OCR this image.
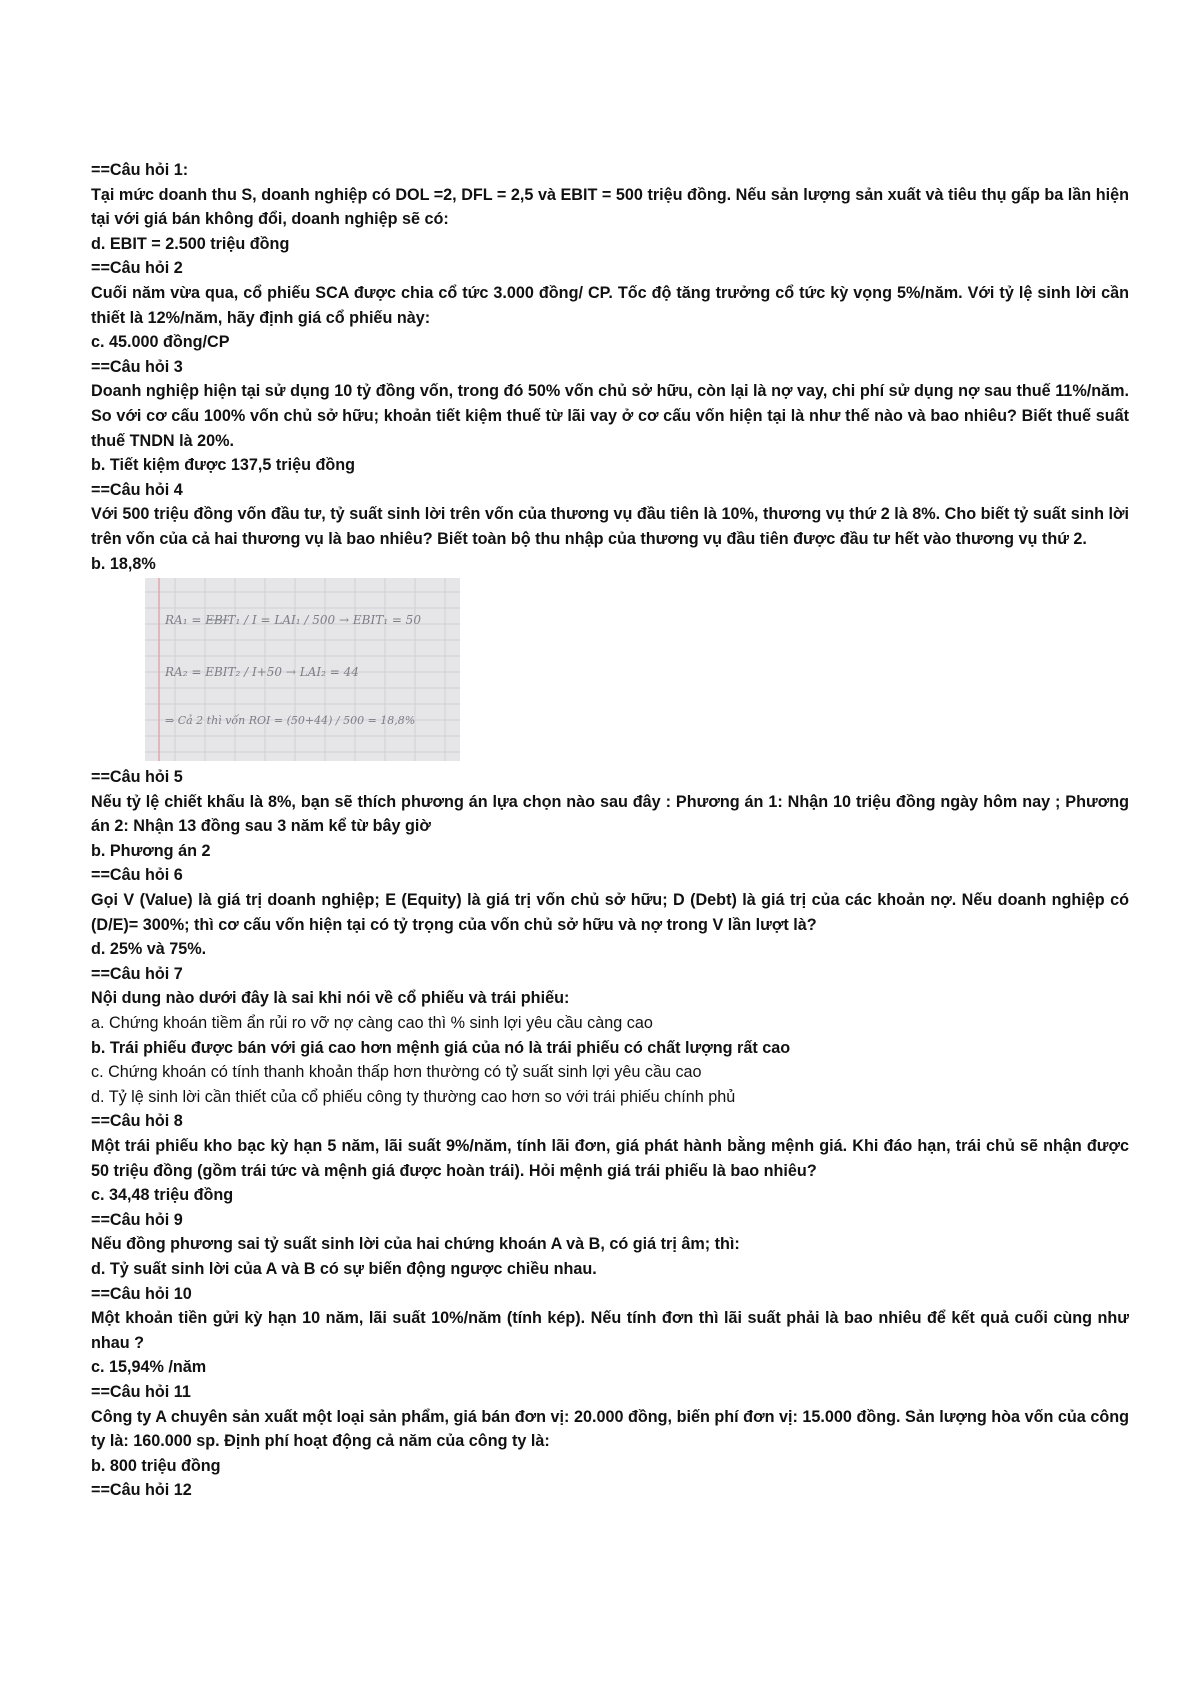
==Câu hỏi 1:

Tại mức doanh thu S, doanh nghiệp có DOL =2, DFL = 2,5 và EBIT = 500 triệu đồng. Nếu sản lượng sản xuất và tiêu thụ gấp ba lần hiện tại với giá bán không đổi, doanh nghiệp sẽ có:

d. EBIT = 2.500 triệu đồng

==Câu hỏi 2

Cuối năm vừa qua, cổ phiếu SCA được chia cổ tức 3.000 đồng/ CP. Tốc độ tăng trưởng cổ tức kỳ vọng 5%/năm. Với tỷ lệ sinh lời cần thiết là 12%/năm, hãy định giá cổ phiếu này:

c. 45.000 đồng/CP

==Câu hỏi 3

Doanh nghiệp hiện tại sử dụng 10 tỷ đồng vốn, trong đó 50% vốn chủ sở hữu, còn lại là nợ vay, chi phí sử dụng nợ sau thuế 11%/năm. So với cơ cấu 100% vốn chủ sở hữu; khoản tiết kiệm thuế từ lãi vay ở cơ cấu vốn hiện tại là như thế nào và bao nhiêu? Biết thuế suất thuế TNDN là 20%.

b. Tiết kiệm được 137,5 triệu đồng

==Câu hỏi 4

Với 500 triệu đồng vốn đầu tư, tỷ suất sinh lời trên vốn của thương vụ đầu tiên là 10%, thương vụ thứ 2 là 8%. Cho biết tỷ suất sinh lời trên vốn của cả hai thương vụ là bao nhiêu? Biết toàn bộ thu nhập của thương vụ đầu tiên được đầu tư hết vào thương vụ thứ 2.

b. 18,8%

RA₁ = EBIT₁ / I = LAI₁ / 500 → EBIT₁ = 50
RA₂ = EBIT₂ / I+50 → LAI₂ = 44
⇒ Cả 2 thì vốn ROI = (50+44) / 500 = 18,8%

==Câu hỏi 5

Nếu tỷ lệ chiết khấu là 8%, bạn sẽ thích phương án lựa chọn nào sau đây : Phương án 1: Nhận 10 triệu đồng ngày hôm nay ; Phương án 2: Nhận 13 đồng sau 3 năm kể từ bây giờ

b. Phương án 2

==Câu hỏi 6

Gọi V (Value) là giá trị doanh nghiệp; E (Equity) là giá trị vốn chủ sở hữu; D (Debt) là giá trị của các khoản nợ. Nếu doanh nghiệp có (D/E)= 300%; thì cơ cấu vốn hiện tại có tỷ trọng của vốn chủ sở hữu và nợ trong V lần lượt là?

d. 25% và 75%.

==Câu hỏi 7

Nội dung nào dưới đây là sai khi nói về cổ phiếu và trái phiếu:

a. Chứng khoán tiềm ẩn rủi ro vỡ nợ càng cao thì % sinh lợi yêu cầu càng cao

b. Trái phiếu được bán với giá cao hơn mệnh giá của nó là trái phiếu có chất lượng rất cao

c. Chứng khoán có tính thanh khoản thấp hơn thường có tỷ suất sinh lợi yêu cầu cao

d. Tỷ lệ sinh lời cần thiết của cổ phiếu công ty thường cao hơn so với trái phiếu chính phủ

==Câu hỏi 8

Một trái phiếu kho bạc kỳ hạn 5 năm, lãi suất 9%/năm, tính lãi đơn, giá phát hành bằng mệnh giá. Khi đáo hạn, trái chủ sẽ nhận được 50 triệu đồng (gồm trái tức và mệnh giá được hoàn trái). Hỏi mệnh giá trái phiếu là bao nhiêu?

c. 34,48 triệu đồng

==Câu hỏi 9

Nếu đồng phương sai tỷ suất sinh lời của hai chứng khoán A và B, có giá trị âm; thì:

d. Tỷ suất sinh lời của A và B có sự biến động ngược chiều nhau.

==Câu hỏi 10

Một khoản tiền gửi kỳ hạn 10 năm, lãi suất 10%/năm (tính kép). Nếu tính đơn thì lãi suất phải là bao nhiêu để kết quả cuối cùng như nhau ?

c. 15,94% /năm

==Câu hỏi 11

Công ty A chuyên sản xuất một loại sản phẩm, giá bán đơn vị: 20.000 đồng, biến phí đơn vị: 15.000 đồng. Sản lượng hòa vốn của công ty là: 160.000 sp. Định phí hoạt động cả năm của công ty là:

b. 800 triệu đồng

==Câu hỏi 12
